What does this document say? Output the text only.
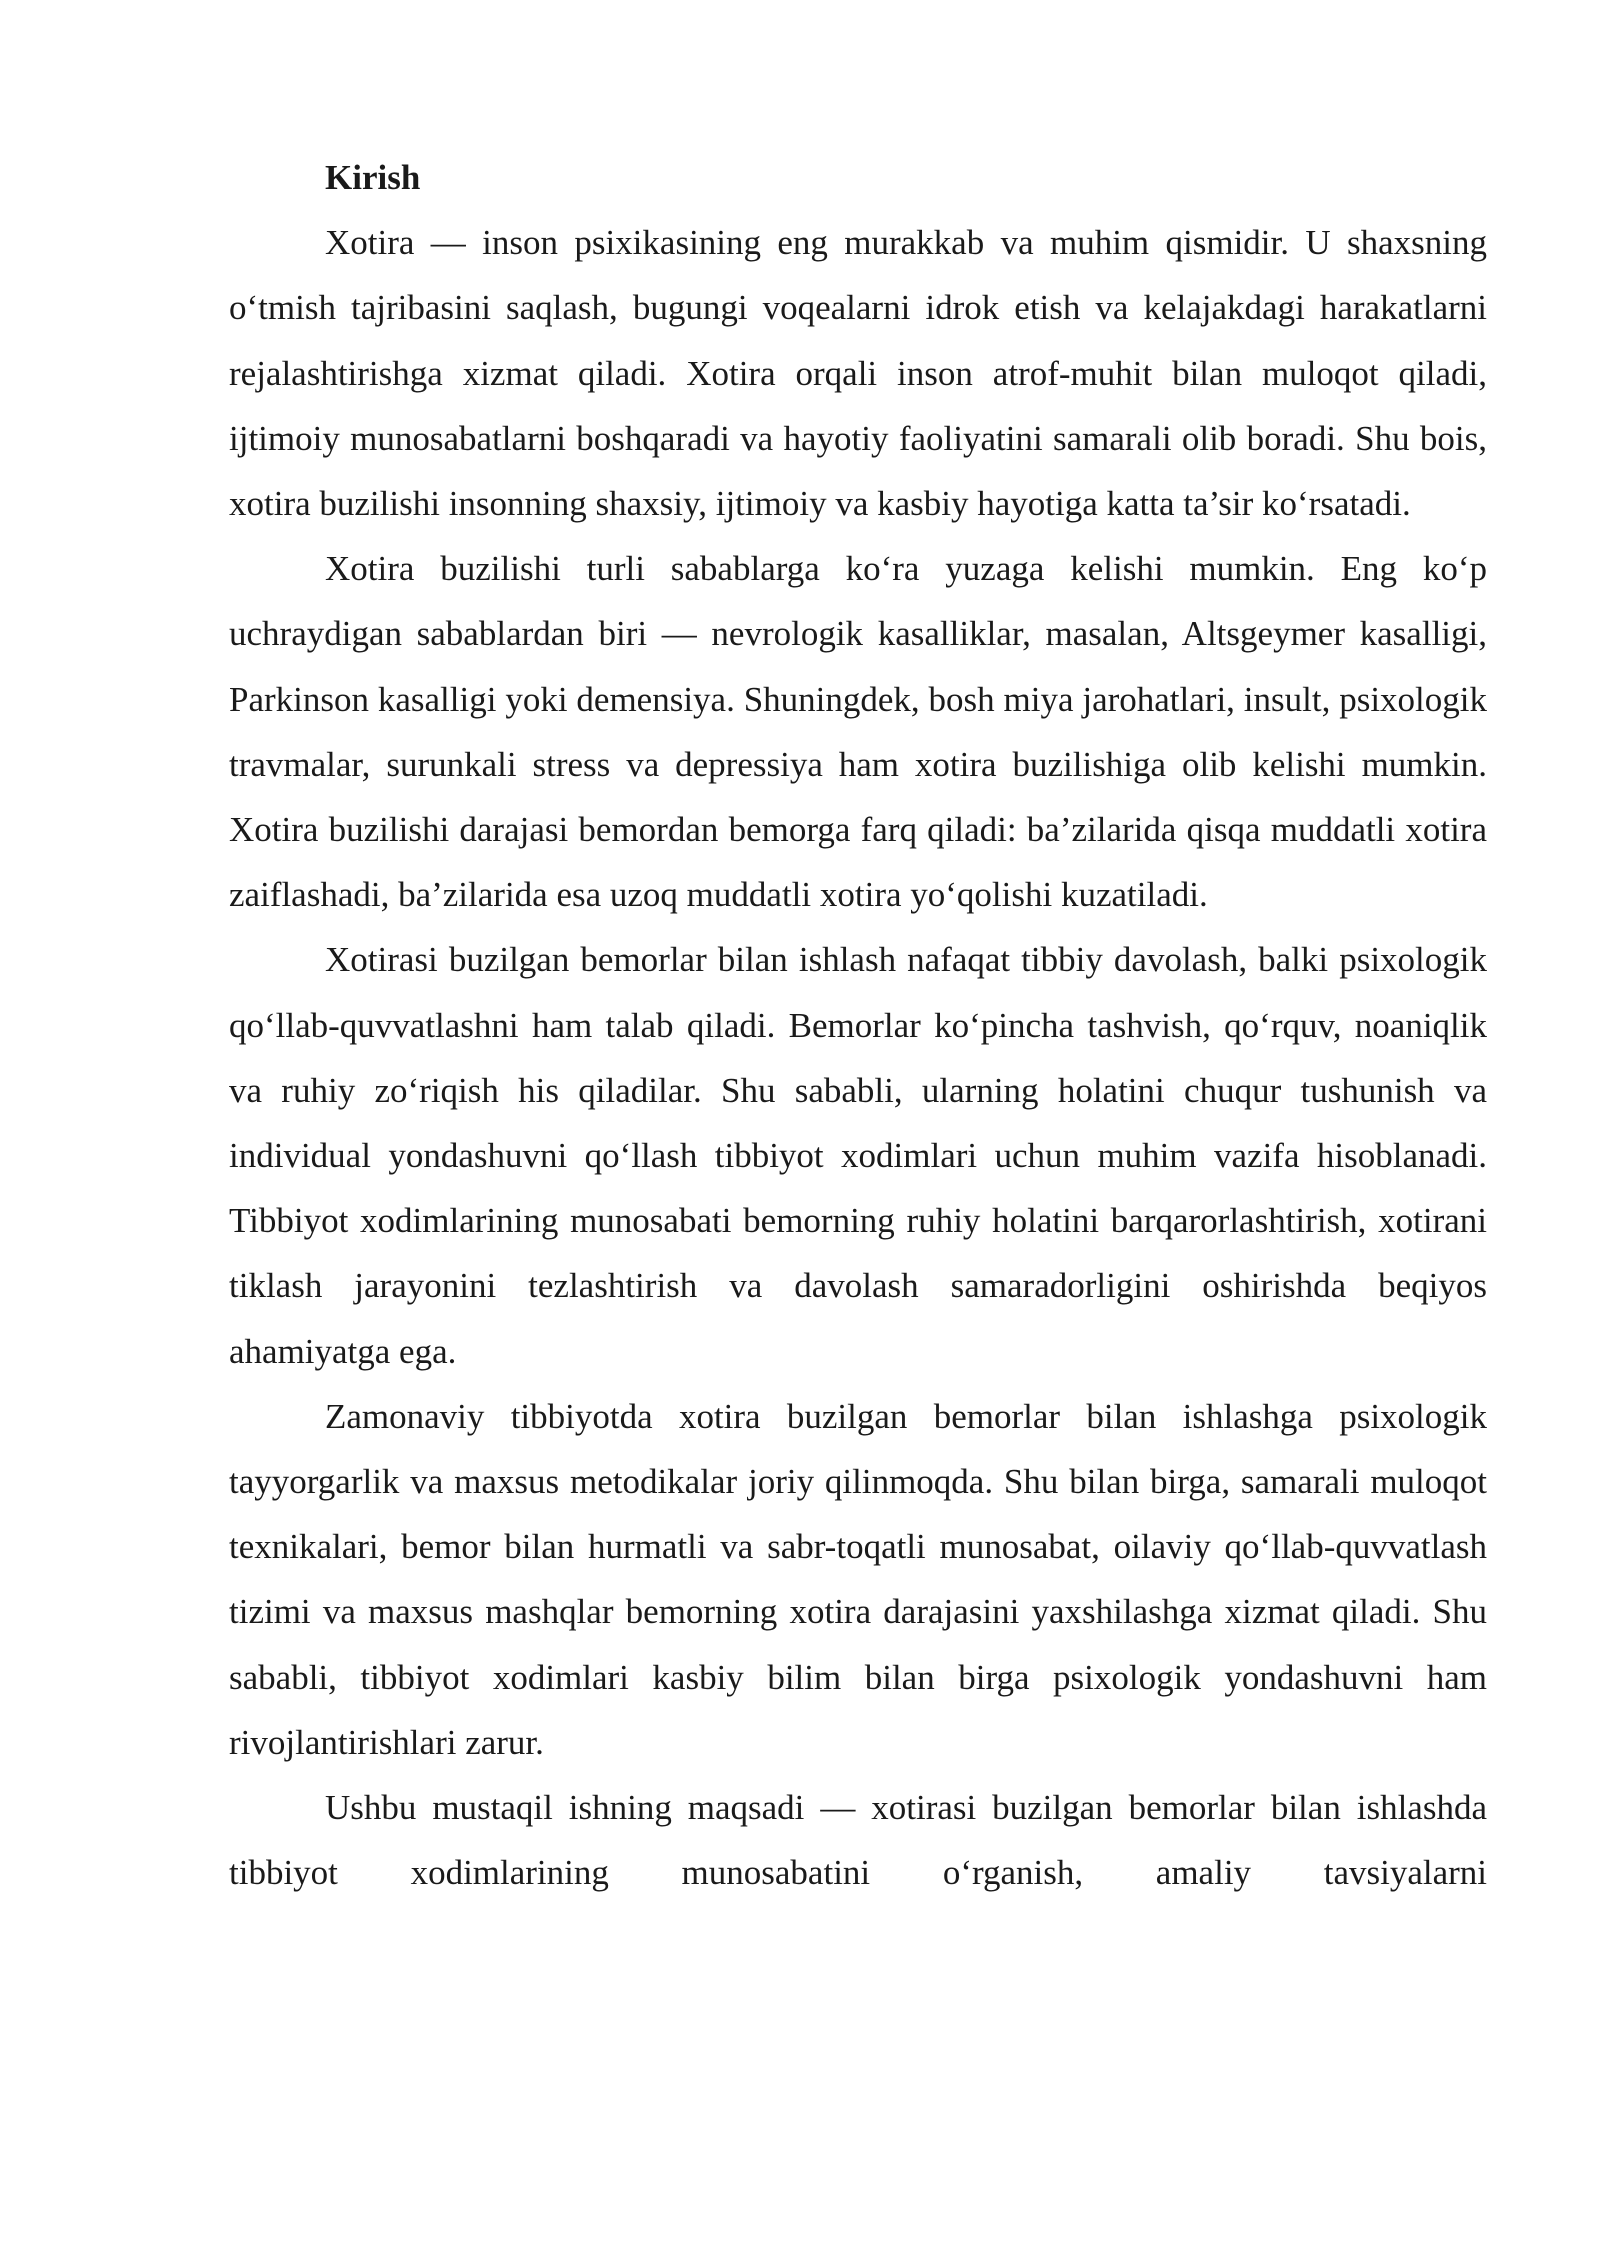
Kirish

Xotira — inson psixikasining eng murakkab va muhim qismidir. U shaxsning o‘tmish tajribasini saqlash, bugungi voqealarni idrok etish va kelajakdagi harakatlarni rejalashtirishga xizmat qiladi. Xotira orqali inson atrof-muhit bilan muloqot qiladi, ijtimoiy munosabatlarni boshqaradi va hayotiy faoliyatini samarali olib boradi. Shu bois, xotira buzilishi insonning shaxsiy, ijtimoiy va kasbiy hayotiga katta ta’sir ko‘rsatadi.

Xotira buzilishi turli sabablarga ko‘ra yuzaga kelishi mumkin. Eng ko‘p uchraydigan sabablardan biri — nevrologik kasalliklar, masalan, Altsgeymer kasalligi, Parkinson kasalligi yoki demensiya. Shuningdek, bosh miya jarohatlari, insult, psixologik travmalar, surunkali stress va depressiya ham xotira buzilishiga olib kelishi mumkin. Xotira buzilishi darajasi bemordan bemorga farq qiladi: ba’zilarida qisqa muddatli xotira zaiflashadi, ba’zilarida esa uzoq muddatli xotira yo‘qolishi kuzatiladi.

Xotirasi buzilgan bemorlar bilan ishlash nafaqat tibbiy davolash, balki psixologik qo‘llab-quvvatlashni ham talab qiladi. Bemorlar ko‘pincha tashvish, qo‘rquv, noaniqlik va ruhiy zo‘riqish his qiladilar. Shu sababli, ularning holatini chuqur tushunish va individual yondashuvni qo‘llash tibbiyot xodimlari uchun muhim vazifa hisoblanadi. Tibbiyot xodimlarining munosabati bemorning ruhiy holatini barqarorlashtirish, xotirani tiklash jarayonini tezlashtirish va davolash samaradorligini oshirishda beqiyos ahamiyatga ega.

Zamonaviy tibbiyotda xotira buzilgan bemorlar bilan ishlashga psixologik tayyorgarlik va maxsus metodikalar joriy qilinmoqda. Shu bilan birga, samarali muloqot texnikalari, bemor bilan hurmatli va sabr-toqatli munosabat, oilaviy qo‘llab-quvvatlash tizimi va maxsus mashqlar bemorning xotira darajasini yaxshilashga xizmat qiladi. Shu sababli, tibbiyot xodimlari kasbiy bilim bilan birga psixologik yondashuvni ham rivojlantirishlari zarur.

Ushbu mustaqil ishning maqsadi — xotirasi buzilgan bemorlar bilan ishlashda tibbiyot xodimlarining munosabatini o‘rganish, amaliy tavsiyalarni
